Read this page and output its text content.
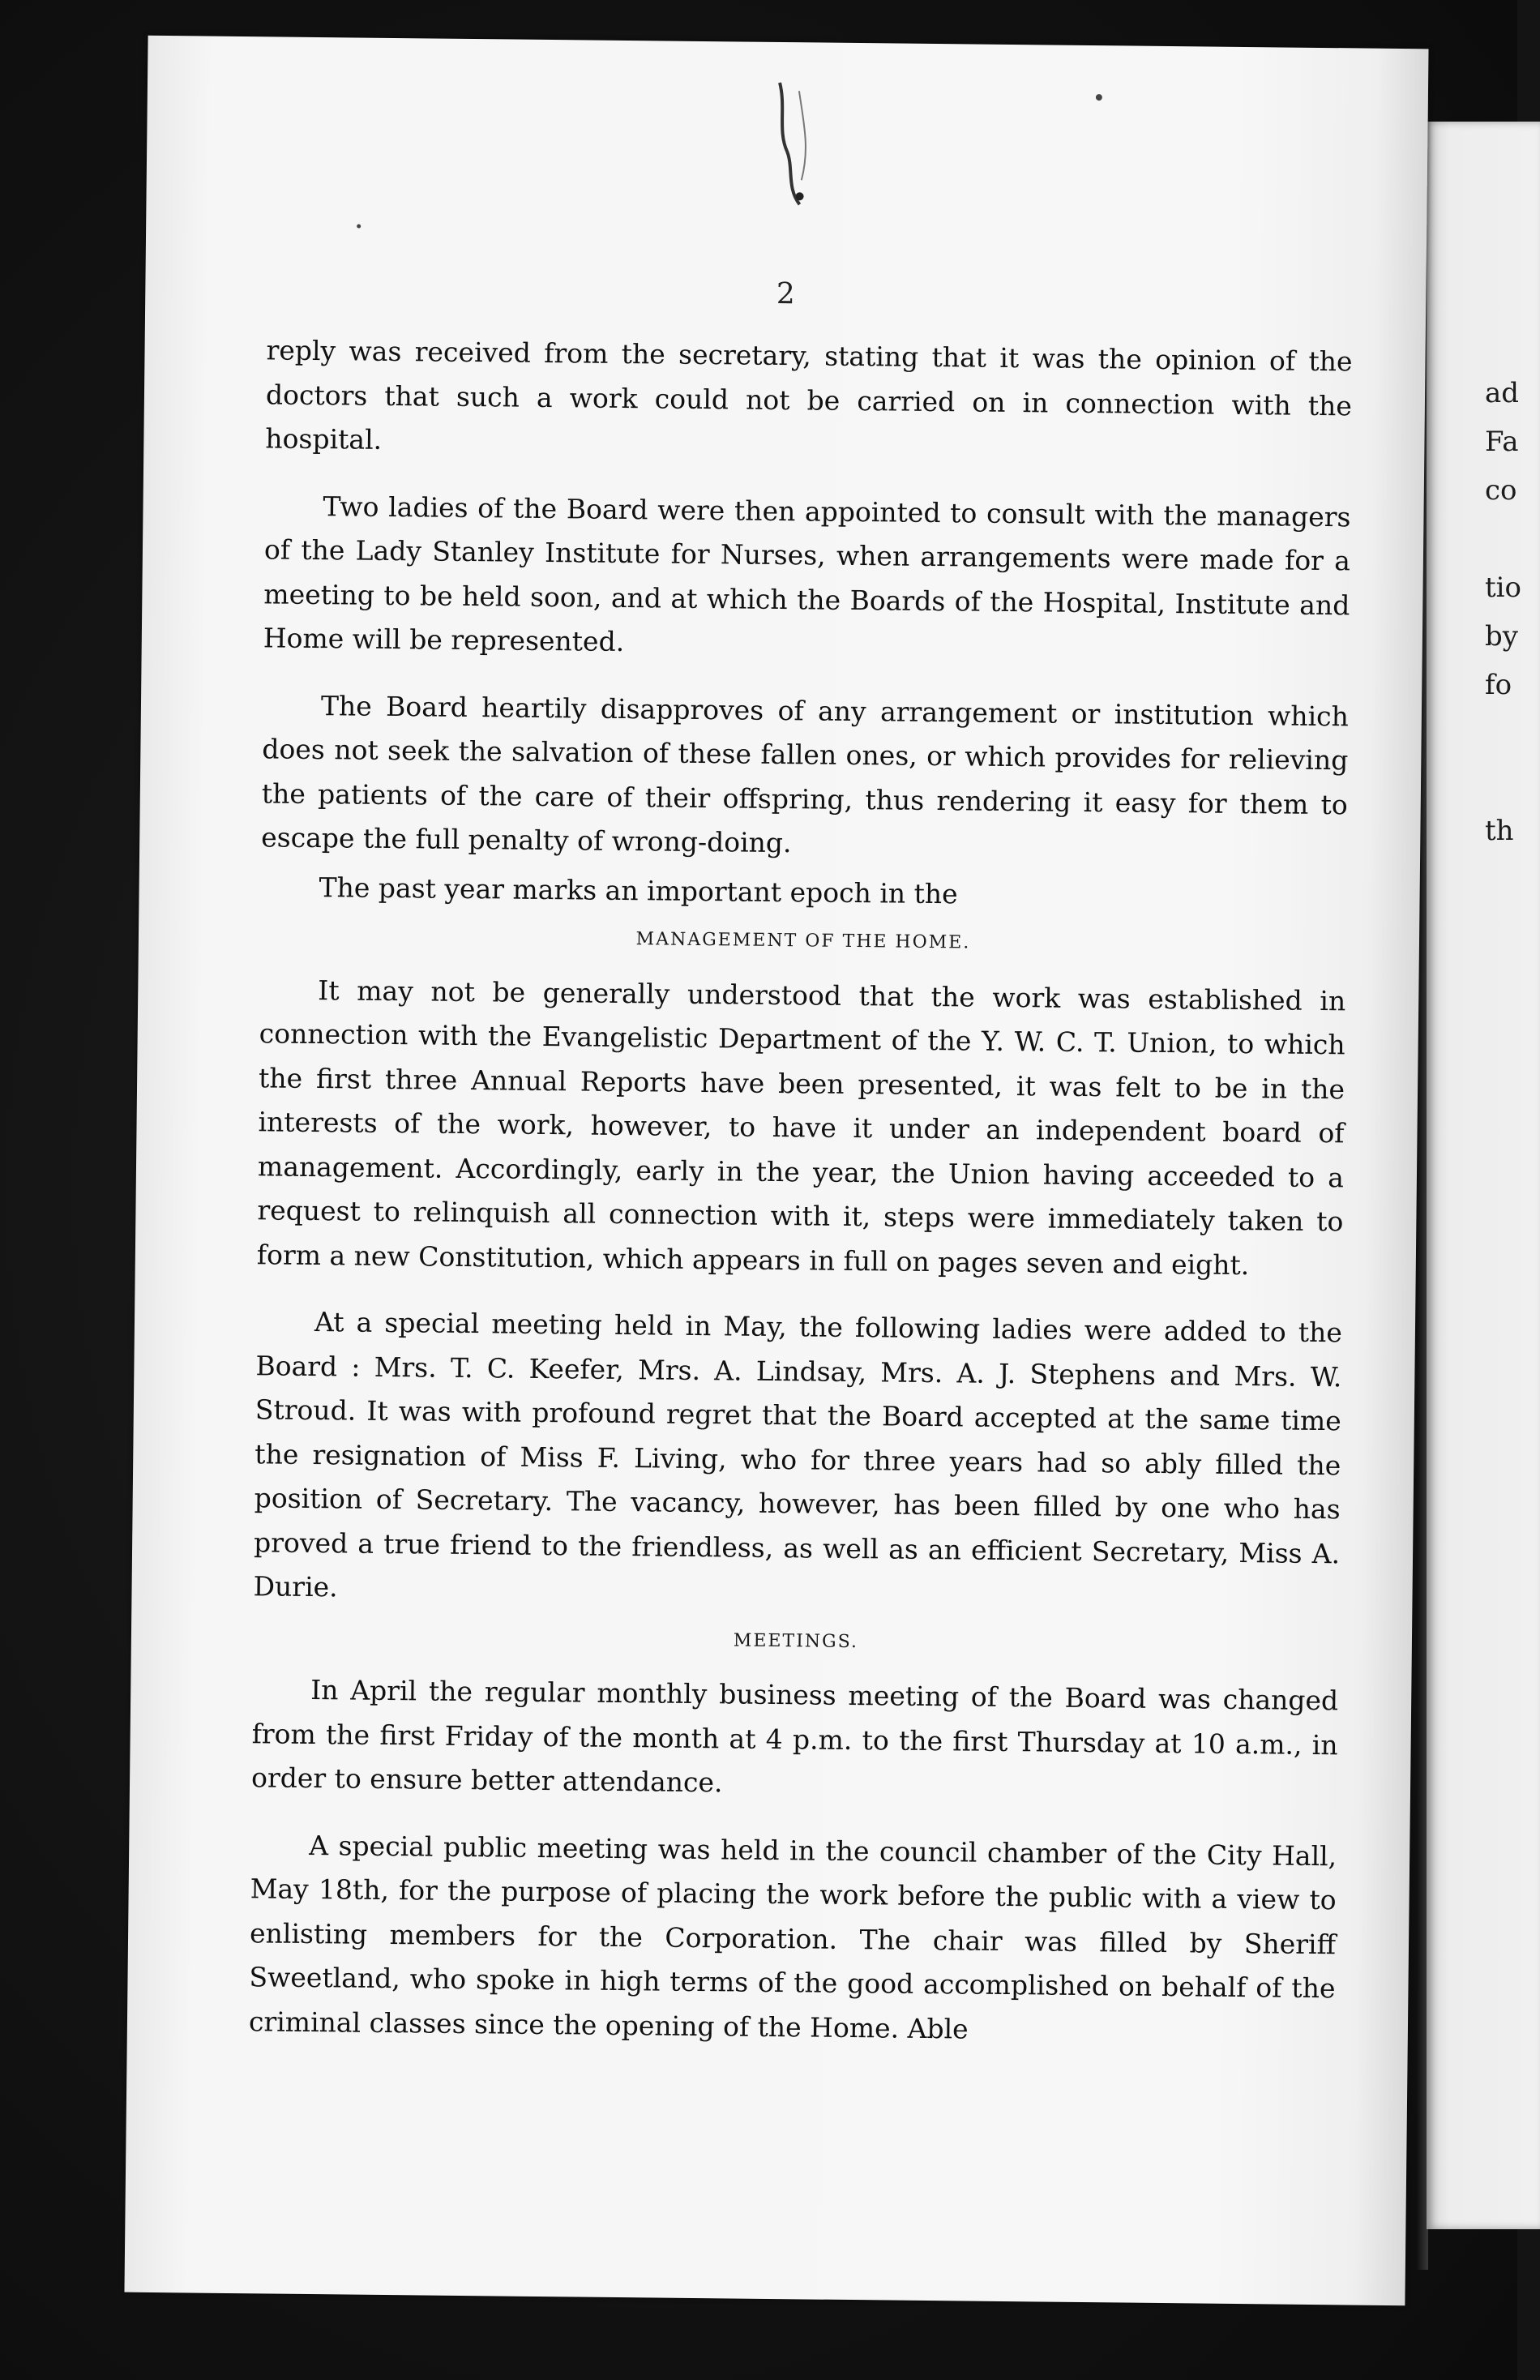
ad
Fa
co
tio
by
fo
th
2

reply was received from the secretary, stating that it was the opinion of the doctors that such a work could not be carried on in connection with the hospital.

Two ladies of the Board were then appointed to consult with the managers of the Lady Stanley Institute for Nurses, when arrangements were made for a meeting to be held soon, and at which the Boards of the Hospital, Institute and Home will be represented.

The Board heartily disapproves of any arrangement or institution which does not seek the salvation of these fallen ones, or which provides for relieving the patients of the care of their offspring, thus rendering it easy for them to escape the full penalty of wrong-doing.

The past year marks an important epoch in the

MANAGEMENT OF THE HOME.

It may not be generally understood that the work was established in connection with the Evangelistic Department of the Y. W. C. T. Union, to which the first three Annual Reports have been presented, it was felt to be in the interests of the work, however, to have it under an independent board of management. Accordingly, early in the year, the Union having acceeded to a request to relinquish all connection with it, steps were immediately taken to form a new Constitution, which appears in full on pages seven and eight.

At a special meeting held in May, the following ladies were added to the Board : Mrs. T. C. Keefer, Mrs. A. Lindsay, Mrs. A. J. Stephens and Mrs. W. Stroud. It was with profound regret that the Board accepted at the same time the resignation of Miss F. Living, who for three years had so ably filled the position of Secretary. The vacancy, however, has been filled by one who has proved a true friend to the friendless, as well as an efficient Secretary, Miss A. Durie.

MEETINGS.

In April the regular monthly business meeting of the Board was changed from the first Friday of the month at 4 p.m. to the first Thursday at 10 a.m., in order to ensure better attendance.

A special public meeting was held in the council chamber of the City Hall, May 18th, for the purpose of placing the work before the public with a view to enlisting members for the Corporation. The chair was filled by Sheriff Sweetland, who spoke in high terms of the good accomplished on behalf of the criminal classes since the opening of the Home. Able
